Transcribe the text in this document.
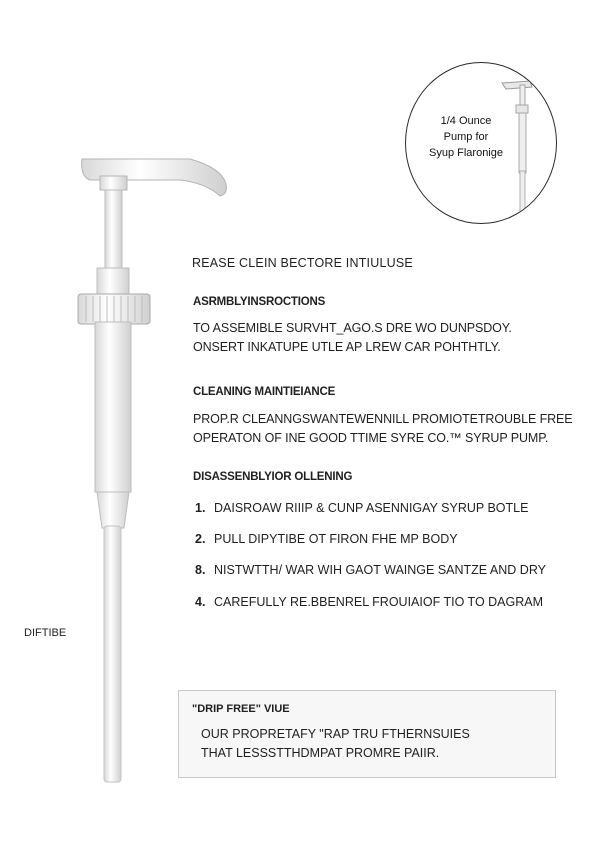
1/4 Ounce
Pump for
Syup Flaronige
REASE CLEIN BECTORE INTIULUSE
ASRMBLYINSROCTIONS
TO ASSEMIBLE SURVHT_AGO.S DRE WO DUNPSDOY.
ONSERT INKATUPE UTLE AP LREW CAR POHTHTLY.
CLEANING MAINTIEIANCE
PROP.R CLEANNGSWANTEWENNILL PROMIOTETROUBLE FREE
OPERATON OF INE GOOD TTIME SYRE CO.™ SYRUP PUMP.
DISASSENBLYIOR OLLENING
1. DAISROAW RIIIP & CUNP ASENNIGAY SYRUP BOTLE
2. PULL DIPYTIBE OT FIRON FHE MP BODY
8. NISTWTTH/ WAR WIH GAOT WAINGE SANTZE AND DRY
4. CAREFULLY RE.BBENREL FROUIAIOF TIO TO DAGRAM
DIFTIBE
"DRIP FREE" VIUE
OUR PROPRETAFY "RAP TRU FTHERNSUIES
THAT LESSSTTHDMPAT PROMRE PAIIR.
